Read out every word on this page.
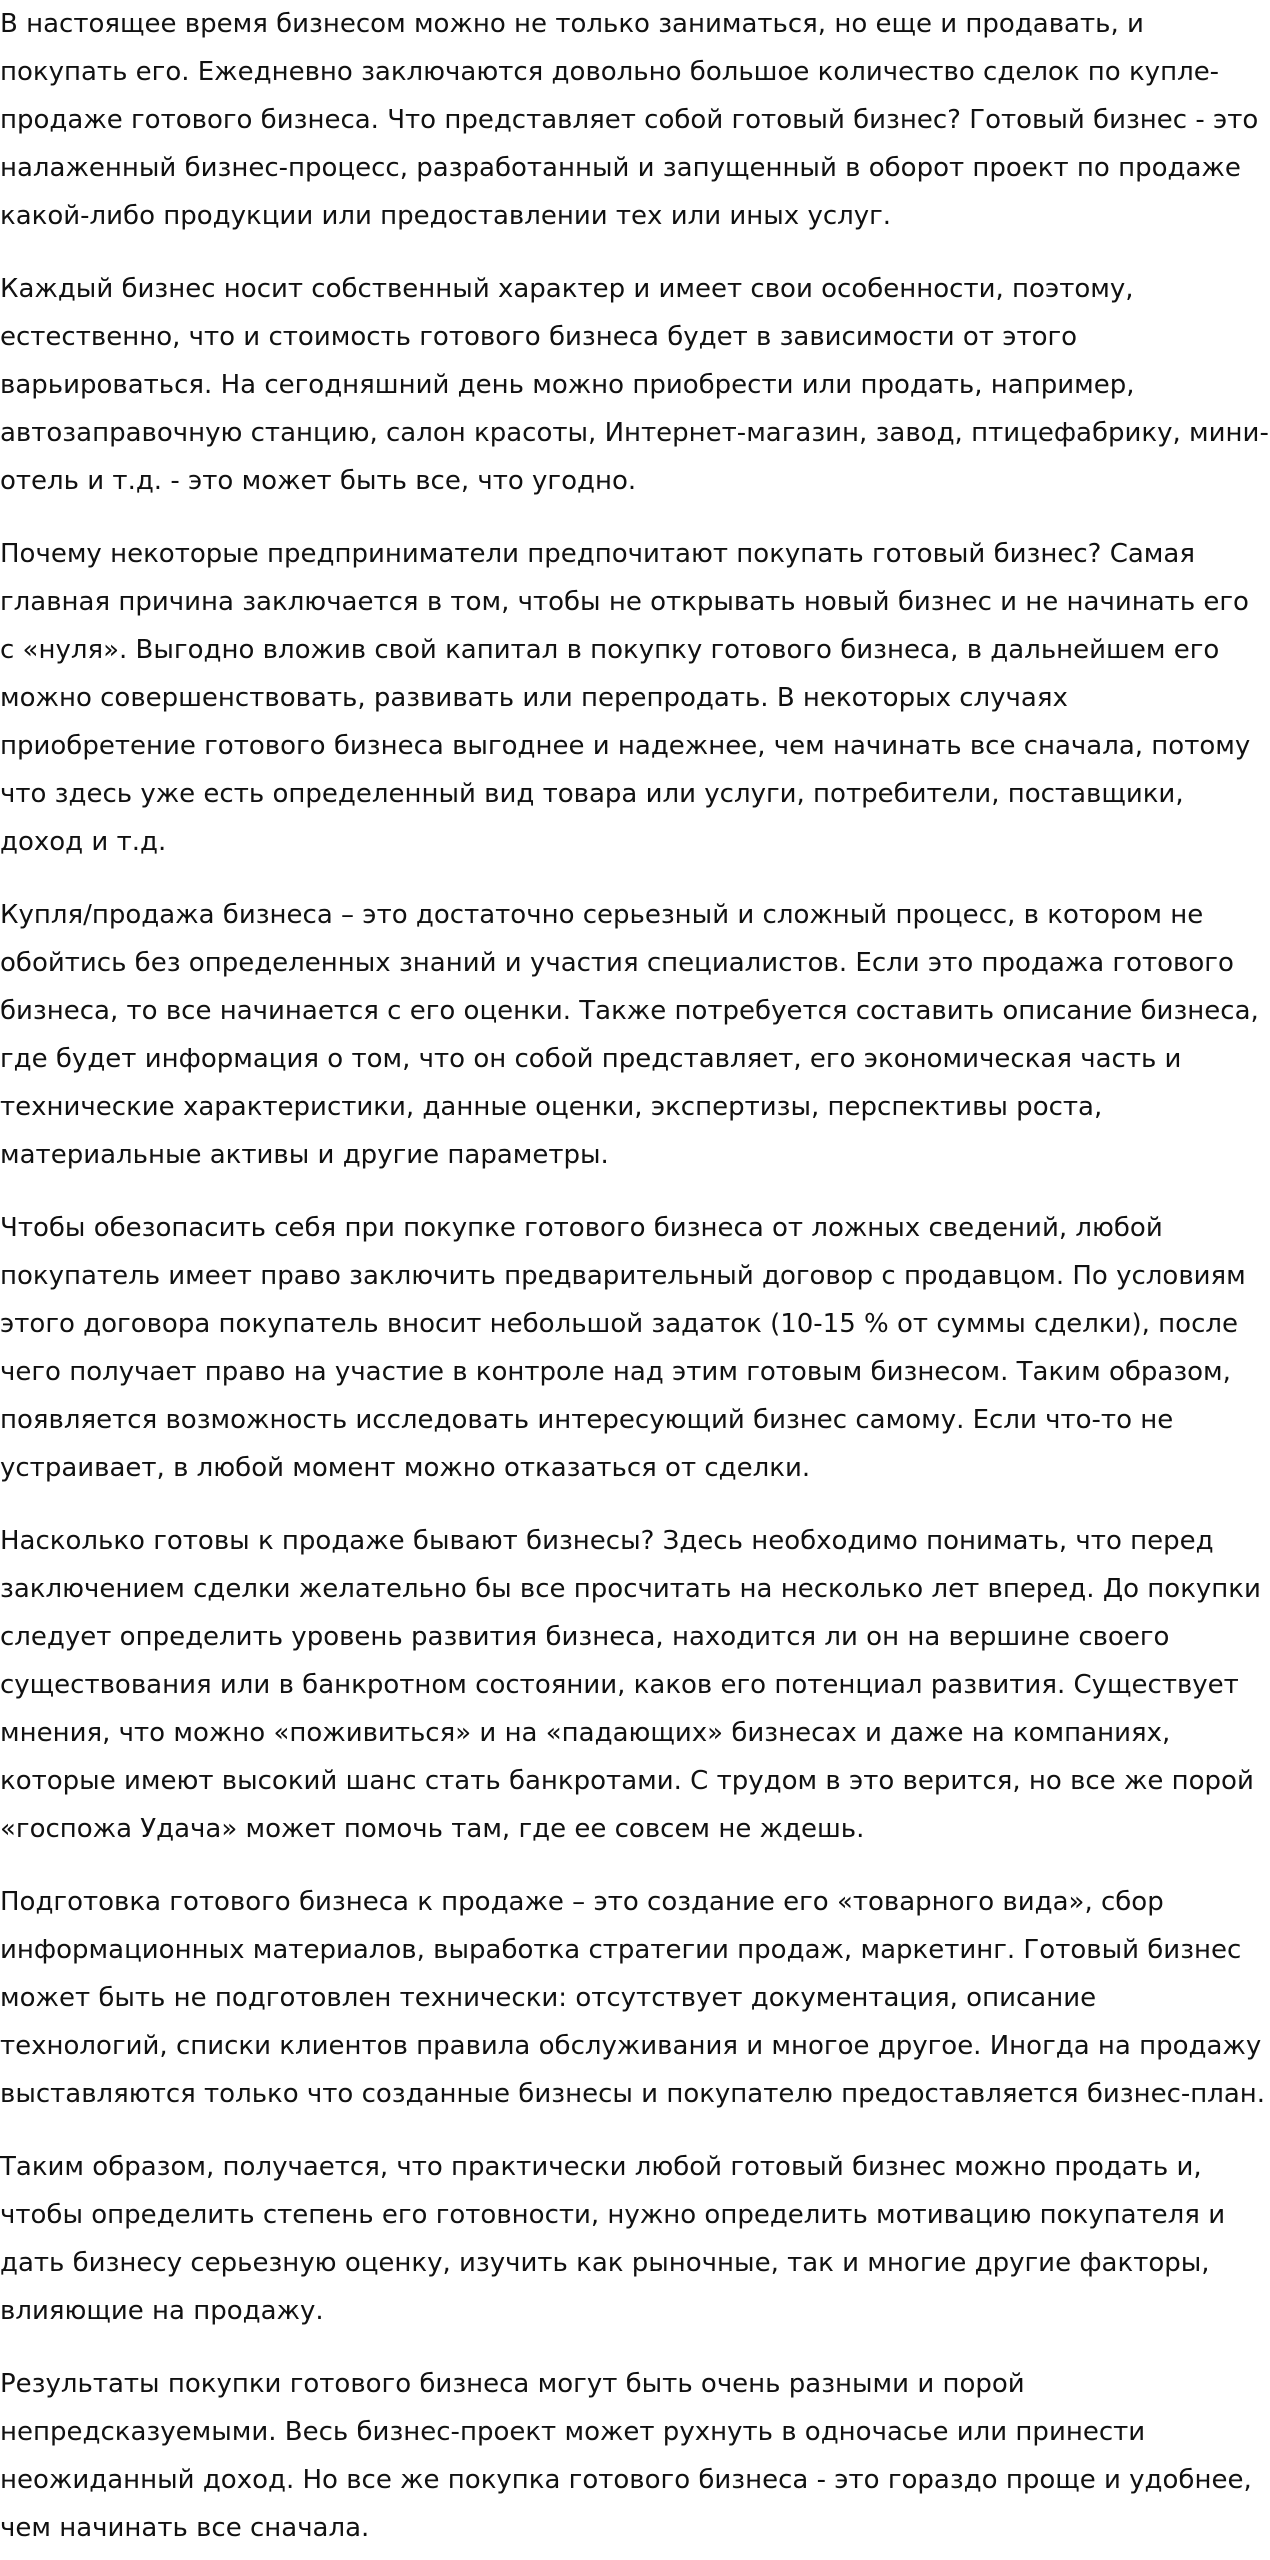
В настоящее время бизнесом можно не только заниматься, но еще и продавать, и покупать его. Ежедневно заключаются довольно большое количество сделок по купле-продаже готового бизнеса. Что представляет собой готовый бизнес? Готовый бизнес - это налаженный бизнес-процесс, разработанный и запущенный в оборот проект по продаже какой-либо продукции или предоставлении тех или иных услуг.

Каждый бизнес носит собственный характер и имеет свои особенности, поэтому, естественно, что и стоимость готового бизнеса будет в зависимости от этого варьироваться. На сегодняшний день можно приобрести или продать, например, автозаправочную станцию, салон красоты, Интернет-магазин, завод, птицефабрику, мини-отель и т.д. - это может быть все, что угодно.

Почему некоторые предприниматели предпочитают покупать готовый бизнес? Самая главная причина заключается в том, чтобы не открывать новый бизнес и не начинать его с «нуля». Выгодно вложив свой капитал в покупку готового бизнеса, в дальнейшем его можно совершенствовать, развивать или перепродать. В некоторых случаях приобретение готового бизнеса выгоднее и надежнее, чем начинать все сначала, потому что здесь уже есть определенный вид товара или услуги, потребители, поставщики, доход и т.д.

Купля/продажа бизнеса – это достаточно серьезный и сложный процесс, в котором не обойтись без определенных знаний и участия специалистов. Если это продажа готового бизнеса, то все начинается с его оценки. Также потребуется составить описание бизнеса, где будет информация о том, что он собой представляет, его экономическая часть и технические характеристики, данные оценки, экспертизы, перспективы роста, материальные активы и другие параметры.

Чтобы обезопасить себя при покупке готового бизнеса от ложных сведений, любой покупатель имеет право заключить предварительный договор с продавцом. По условиям этого договора покупатель вносит небольшой задаток (10-15 % от суммы сделки), после чего получает право на участие в контроле над этим готовым бизнесом. Таким образом, появляется возможность исследовать интересующий бизнес самому. Если что-то не устраивает, в любой момент можно отказаться от сделки.

Насколько готовы к продаже бывают бизнесы? Здесь необходимо понимать, что перед заключением сделки желательно бы все просчитать на несколько лет вперед. До покупки следует определить уровень развития бизнеса, находится ли он на вершине своего существования или в банкротном состоянии, каков его потенциал развития. Существует мнения, что можно «поживиться» и на «падающих» бизнесах и даже на компаниях, которые имеют высокий шанс стать банкротами. С трудом в это верится, но все же порой «госпожа Удача» может помочь там, где ее совсем не ждешь.

Подготовка готового бизнеса к продаже – это создание его «товарного вида», сбор информационных материалов, выработка стратегии продаж, маркетинг. Готовый бизнес может быть не подготовлен технически: отсутствует документация, описание технологий, списки клиентов правила обслуживания и многое другое. Иногда на продажу выставляются только что созданные бизнесы и покупателю предоставляется бизнес-план.

Таким образом, получается, что практически любой готовый бизнес можно продать и, чтобы определить степень его готовности, нужно определить мотивацию покупателя и дать бизнесу серьезную оценку, изучить как рыночные, так и многие другие факторы, влияющие на продажу.

Результаты покупки готового бизнеса могут быть очень разными и порой непредсказуемыми. Весь бизнес-проект может рухнуть в одночасье или принести неожиданный доход. Но все же покупка готового бизнеса - это гораздо проще и удобнее, чем начинать все сначала.
